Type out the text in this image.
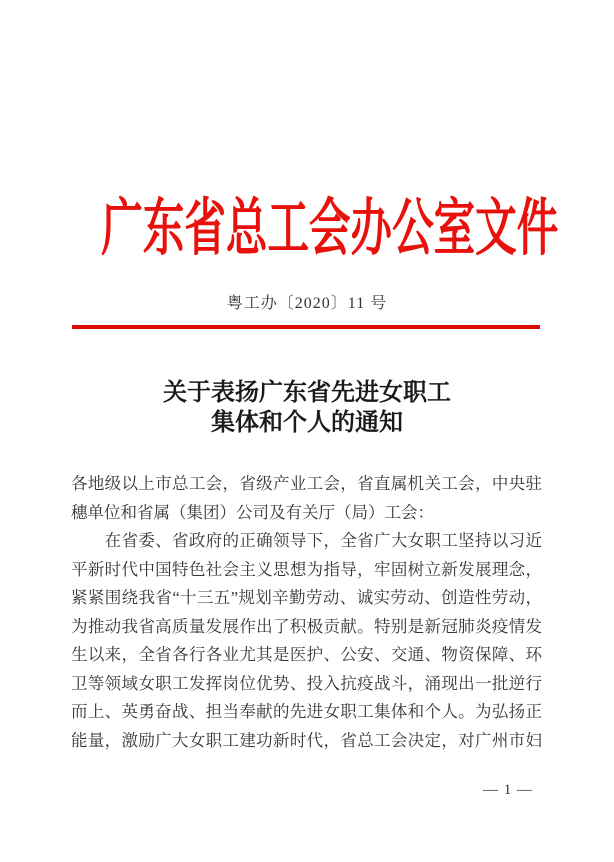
广东省总工会办公室文件
粤工办〔2020〕11 号
关于表扬广东省先进女职工
集体和个人的通知
各地级以上市总工会，省级产业工会，省直属机关工会，中央驻
穗单位和省属（集团）公司及有关厅（局）工会：
　　在省委、省政府的正确领导下，全省广大女职工坚持以习近
平新时代中国特色社会主义思想为指导，牢固树立新发展理念，
紧紧围绕我省“十三五”规划辛勤劳动、诚实劳动、创造性劳动，
为推动我省高质量发展作出了积极贡献。特别是新冠肺炎疫情发
生以来，全省各行各业尤其是医护、公安、交通、物资保障、环
卫等领域女职工发挥岗位优势、投入抗疫战斗，涌现出一批逆行
而上、英勇奋战、担当奉献的先进女职工集体和个人。为弘扬正
能量，激励广大女职工建功新时代，省总工会决定，对广州市妇
— 1 —
